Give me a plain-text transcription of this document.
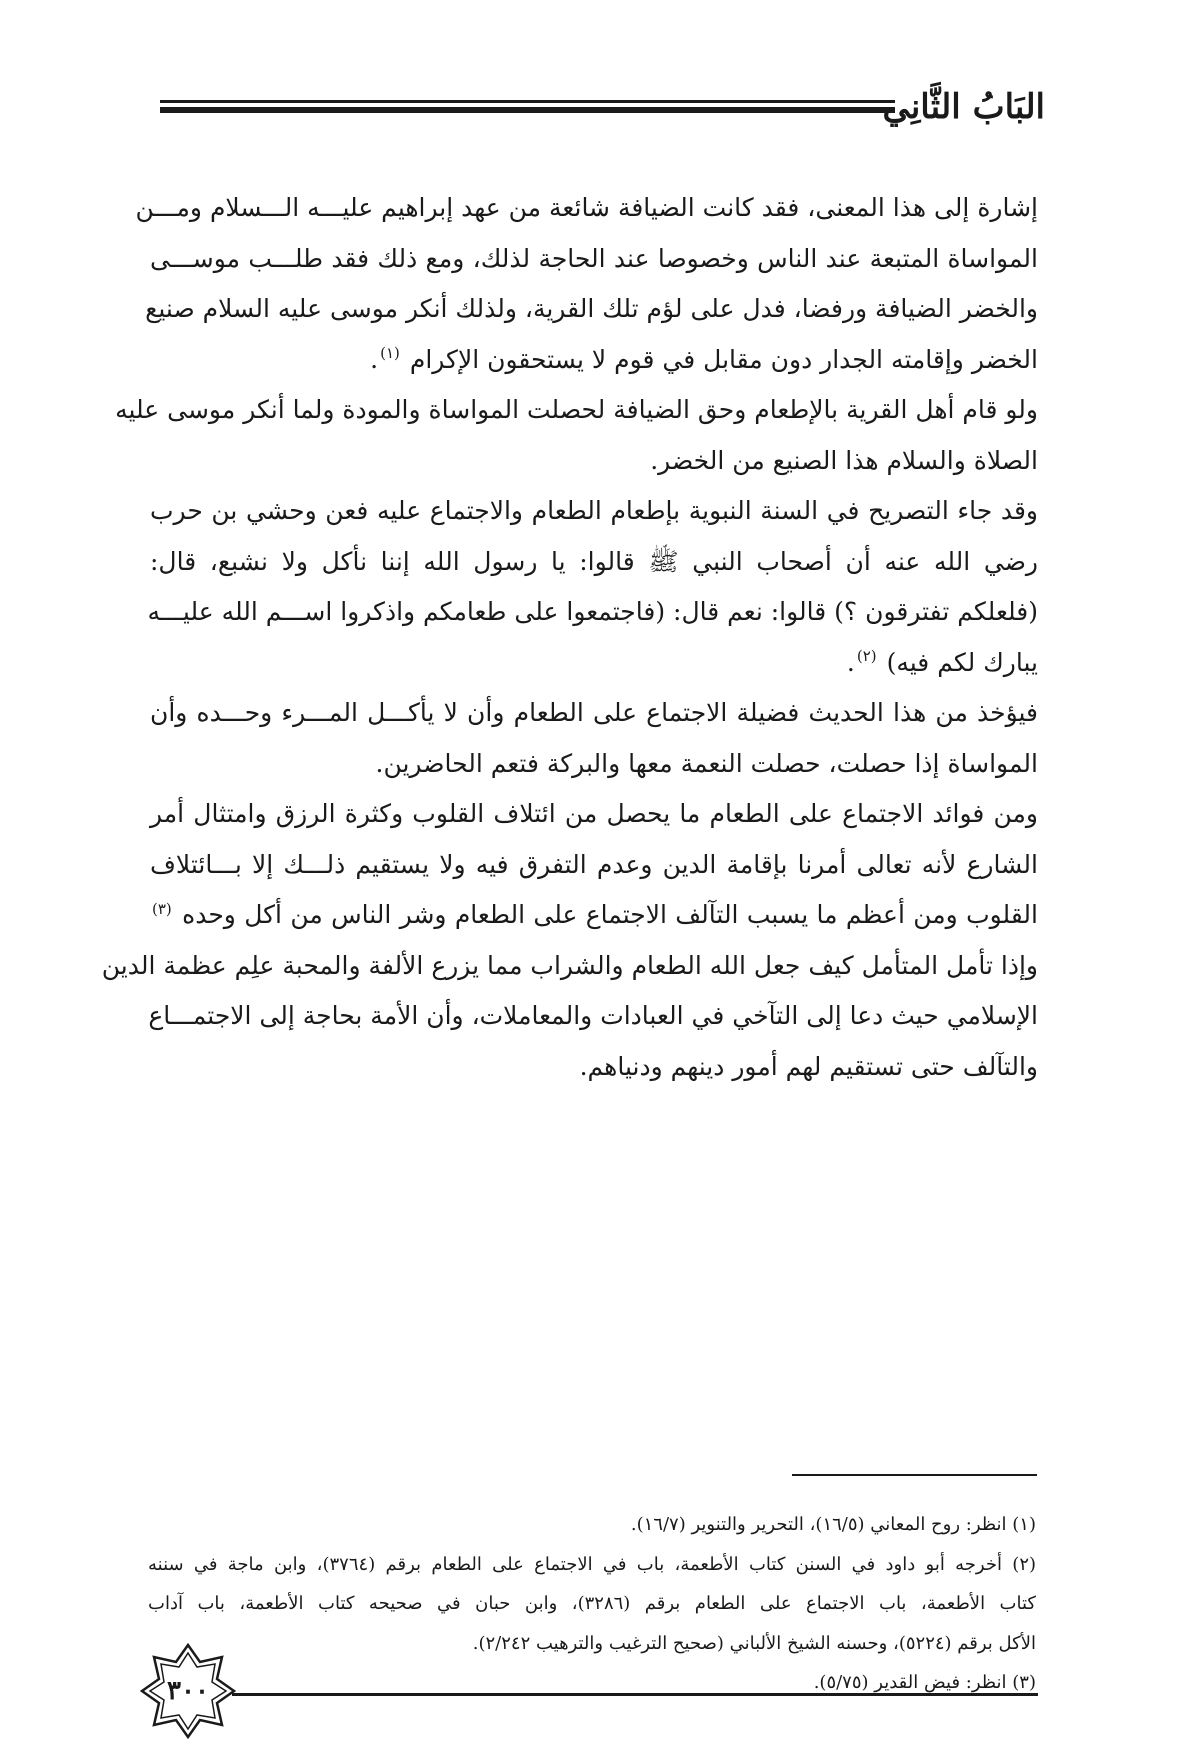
البَابُ الثَّانِي

إشارة إلى هذا المعنى، فقد كانت الضيافة شائعة من عهد إبراهيم عليـــه الـــسلام ومـــن
المواساة المتبعة عند الناس وخصوصا عند الحاجة لذلك، ومع ذلك فقد طلـــب موســـى
والخضر الضيافة ورفضا، فدل على لؤم تلك القرية، ولذلك أنكر موسى عليه السلام صنيع
الخضر وإقامته الجدار دون مقابل في قوم لا يستحقون الإكرام $^{(١)}$.

ولو قام أهل القرية بالإطعام وحق الضيافة لحصلت المواساة والمودة ولما أنكر موسى عليه
الصلاة والسلام هذا الصنيع من الخضر.

وقد جاء التصريح في السنة النبوية بإطعام الطعام والاجتماع عليه فعن وحشي بن حرب
رضي الله عنه أن أصحاب النبي ﷺ قالوا: يا رسول الله إننا نأكل ولا نشبع، قال:
(فلعلكم تفترقون ؟) قالوا: نعم قال: (فاجتمعوا على طعامكم واذكروا اســـم الله عليـــه
يبارك لكم فيه) $^{(٢)}$.

فيؤخذ من هذا الحديث فضيلة الاجتماع على الطعام وأن لا يأكـــل المـــرء وحـــده وأن
المواساة إذا حصلت، حصلت النعمة معها والبركة فتعم الحاضرين.

ومن فوائد الاجتماع على الطعام ما يحصل من ائتلاف القلوب وكثرة الرزق وامتثال أمر
الشارع لأنه تعالى أمرنا بإقامة الدين وعدم التفرق فيه ولا يستقيم ذلـــك إلا بـــائتلاف
القلوب ومن أعظم ما يسبب التآلف الاجتماع على الطعام وشر الناس من أكل وحده $^{(٣)}$
وإذا تأمل المتأمل كيف جعل الله الطعام والشراب مما يزرع الألفة والمحبة علِم عظمة الدين
الإسلامي حيث دعا إلى التآخي في العبادات والمعاملات، وأن الأمة بحاجة إلى الاجتمـــاع
والتآلف حتى تستقيم لهم أمور دينهم ودنياهم.

(١) انظر: روح المعاني (١٦/٥)، التحرير والتنوير (١٦/٧).

(٢) أخرجه أبو داود في السنن كتاب الأطعمة، باب في الاجتماع على الطعام برقم (٣٧٦٤)، وابن ماجة في سننه
كتاب الأطعمة، باب الاجتماع على الطعام برقم (٣٢٨٦)، وابن حبان في صحيحه كتاب الأطعمة، باب آداب
الأكل برقم (٥٢٢٤)، وحسنه الشيخ الألباني (صحيح الترغيب والترهيب ٢/٢٤٢).

(٣) انظر: فيض القدير (٥/٧٥).

٣٠٠
